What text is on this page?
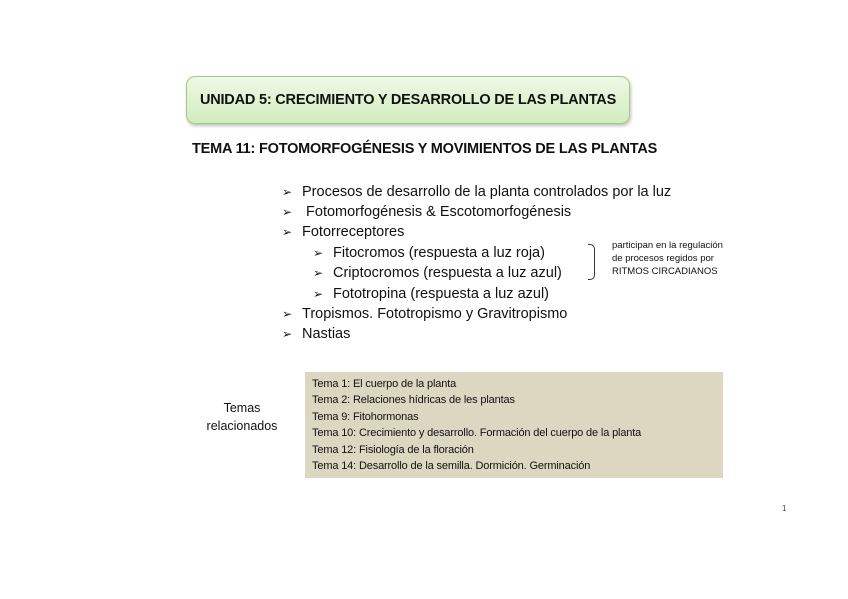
UNIDAD 5: CRECIMIENTO Y DESARROLLO DE LAS PLANTAS
TEMA 11: FOTOMORFOGÉNESIS Y MOVIMIENTOS DE LAS PLANTAS
➢ Procesos de desarrollo de la planta controlados por la luz
➢ Fotomorfogénesis & Escotomorfogénesis
➢ Fotorreceptores
➢ Fitocromos (respuesta a luz roja)
➢ Criptocromos (respuesta a luz azul)
➢ Fototropina (respuesta a luz azul)
➢ Tropismos. Fototropismo y Gravitropismo
➢ Nastias
participan en la regulación
de procesos regidos por
RITMOS CIRCADIANOS
Temas
relacionados
Tema 1: El cuerpo de la planta
Tema 2: Relaciones hídricas de les plantas
Tema 9: Fitohormonas
Tema 10: Crecimiento y desarrollo. Formación del cuerpo de la planta
Tema 12: Fisiología de la floración
Tema 14: Desarrollo de la semilla. Dormición. Germinación
1
